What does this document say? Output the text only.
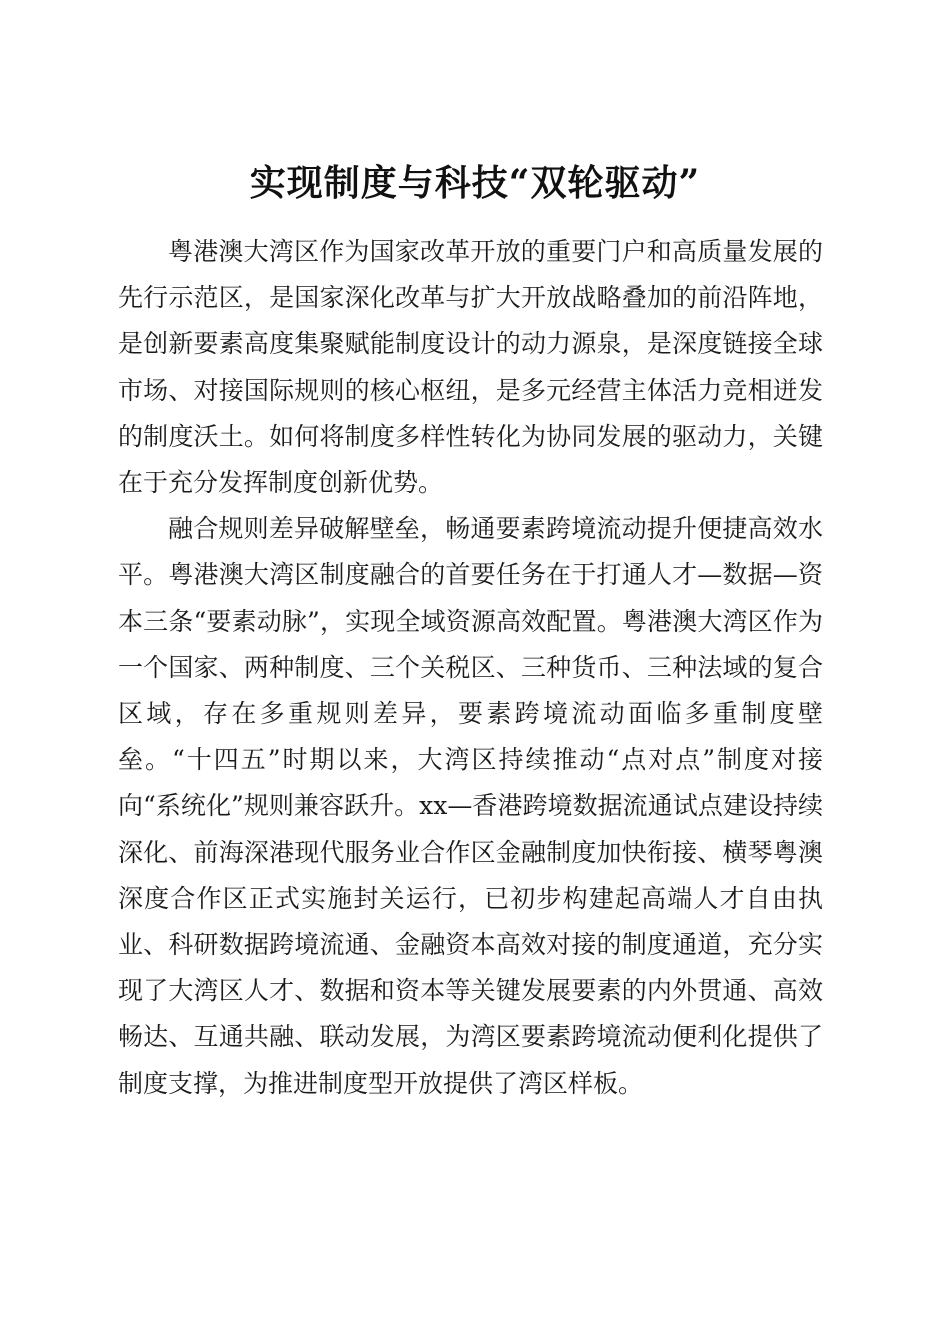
实现制度与科技“双轮驱动”

粤港澳大湾区作为国家改革开放的重要门户和高质量发展的先行示范区，是国家深化改革与扩大开放战略叠加的前沿阵地，是创新要素高度集聚赋能制度设计的动力源泉，是深度链接全球市场、对接国际规则的核心枢纽，是多元经营主体活力竞相迸发的制度沃土。如何将制度多样性转化为协同发展的驱动力，关键在于充分发挥制度创新优势。

融合规则差异破解壁垒，畅通要素跨境流动提升便捷高效水平。粤港澳大湾区制度融合的首要任务在于打通人才—数据—资本三条“要素动脉”，实现全域资源高效配置。粤港澳大湾区作为一个国家、两种制度、三个关税区、三种货币、三种法域的复合区域，存在多重规则差异，要素跨境流动面临多重制度壁垒。“十四五”时期以来，大湾区持续推动“点对点”制度对接向“系统化”规则兼容跃升。xx—香港跨境数据流通试点建设持续深化、前海深港现代服务业合作区金融制度加快衔接、横琴粤澳深度合作区正式实施封关运行，已初步构建起高端人才自由执业、科研数据跨境流通、金融资本高效对接的制度通道，充分实现了大湾区人才、数据和资本等关键发展要素的内外贯通、高效畅达、互通共融、联动发展，为湾区要素跨境流动便利化提供了制度支撑，为推进制度型开放提供了湾区样板。
